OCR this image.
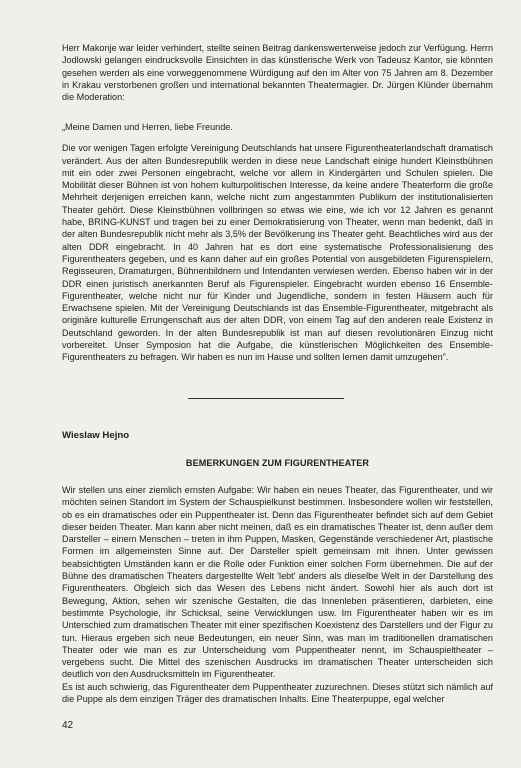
Herr Makonje war leider verhindert, stellte seinen Beitrag dankenswerterweise jedoch zur Verfügung. Herrn Jodlowski gelangen eindrucksvolle Einsichten in das künstlerische Werk von Tadeusz Kantor, sie könnten gesehen werden als eine vorweggenommene Würdigung auf den im Alter von 75 Jahren am 8. Dezember in Krakau verstorbenen großen und international bekannten Theatermagier. Dr. Jürgen Klünder übernahm die Moderation:

„Meine Damen und Herren, liebe Freunde.

Die vor wenigen Tagen erfolgte Vereinigung Deutschlands hat unsere Figurentheaterlandschaft dramatisch verändert. Aus der alten Bundesrepublik werden in diese neue Landschaft einige hundert Kleinstbühnen mit ein oder zwei Personen eingebracht, welche vor allem in Kindergärten und Schulen spielen. Die Mobilität dieser Bühnen ist von hohem kulturpolitischen Interesse, da keine andere Theaterform die große Mehrheit derjenigen erreichen kann, welche nicht zum angestammten Publikum der institutionalisierten Theater gehört. Diese Kleinstbühnen vollbringen so etwas wie eine, wie ich vor 12 Jahren es genannt habe, BRING-KUNST und tragen bei zu einer Demokratisierung von Theater, wenn man bedenkt, daß in der alten Bundesrepublik nicht mehr als 3,5% der Bevölkerung ins Theater geht. Beachtliches wird aus der alten DDR eingebracht. In 40 Jahren hat es dort eine systematische Professionalisierung des Figurentheaters gegeben, und es kann daher auf ein großes Potential von ausgebildeten Figurenspielern, Regisseuren, Dramaturgen, Bühnenbildnern und Intendanten verwiesen werden. Ebenso haben wir in der DDR einen juristisch anerkannten Beruf als Figurenspieler. Eingebracht wurden ebenso 16 Ensemble-Figurentheater, welche nicht nur für Kinder und Jugendliche, sondern in festen Häusern auch für Erwachsene spielen. Mit der Vereinigung Deutschlands ist das Ensemble-Figurentheater, mitgebracht als originäre kulturelle Errungenschaft aus der alten DDR, von einem Tag auf den anderen reale Existenz in Deutschland geworden. In der alten Bundesrepublik ist man auf diesen revolutionären Einzug nicht vorbereitet. Unser Symposion hat die Aufgabe, die künstlerischen Möglichkeiten des Ensemble-Figurentheaters zu befragen. Wir haben es nun im Hause und sollten lernen damit umzugehen".

Wieslaw Hejno

BEMERKUNGEN ZUM FIGURENTHEATER

Wir stellen uns einer ziemlich ernsten Aufgabe: Wir haben ein neues Theater, das Figurentheater, und wir möchten seinen Standort im System der Schauspielkunst bestimmen. Insbesondere wollen wir feststellen, ob es ein dramatisches oder ein Puppentheater ist. Denn das Figurentheater befindet sich auf dem Gebiet dieser beiden Theater. Man kann aber nicht meinen, daß es ein dramatisches Theater ist, denn außer dem Darsteller – einem Menschen – treten in ihm Puppen, Masken, Gegenstände verschiedener Art, plastische Formen im allgemeinsten Sinne auf. Der Darsteller spielt gemeinsam mit ihnen. Unter gewissen beabsichtigten Umständen kann er die Rolle oder Funktion einer solchen Form übernehmen. Die auf der Bühne des dramatischen Theaters dargestellte Welt 'lebt' anders als dieselbe Welt in der Darstellung des Figurentheaters. Obgleich sich das Wesen des Lebens nicht ändert. Sowohl hier als auch dort ist Bewegung, Aktion, sehen wir szenische Gestalten, die das Innenleben präsentieren, darbieten, eine bestimmte Psychologie, ihr Schicksal, seine Verwicklungen usw. Im Figurentheater haben wir es im Unterschied zum dramatischen Theater mit einer spezifischen Koexistenz des Darstellers und der Figur zu tun. Hieraus ergeben sich neue Bedeutungen, ein neuer Sinn, was man im traditionellen dramatischen Theater oder wie man es zur Unterscheidung vom Puppentheater nennt, im Schauspieltheater – vergebens sucht. Die Mittel des szenischen Ausdrucks im dramatischen Theater unterscheiden sich deutlich von den Ausdrucksmitteln im Figurentheater.

Es ist auch schwierig, das Figurentheater dem Puppentheater zuzurechnen. Dieses stützt sich nämlich auf die Puppe als dem einzigen Träger des dramatischen Inhalts. Eine Theaterpuppe, egal welcher

42
